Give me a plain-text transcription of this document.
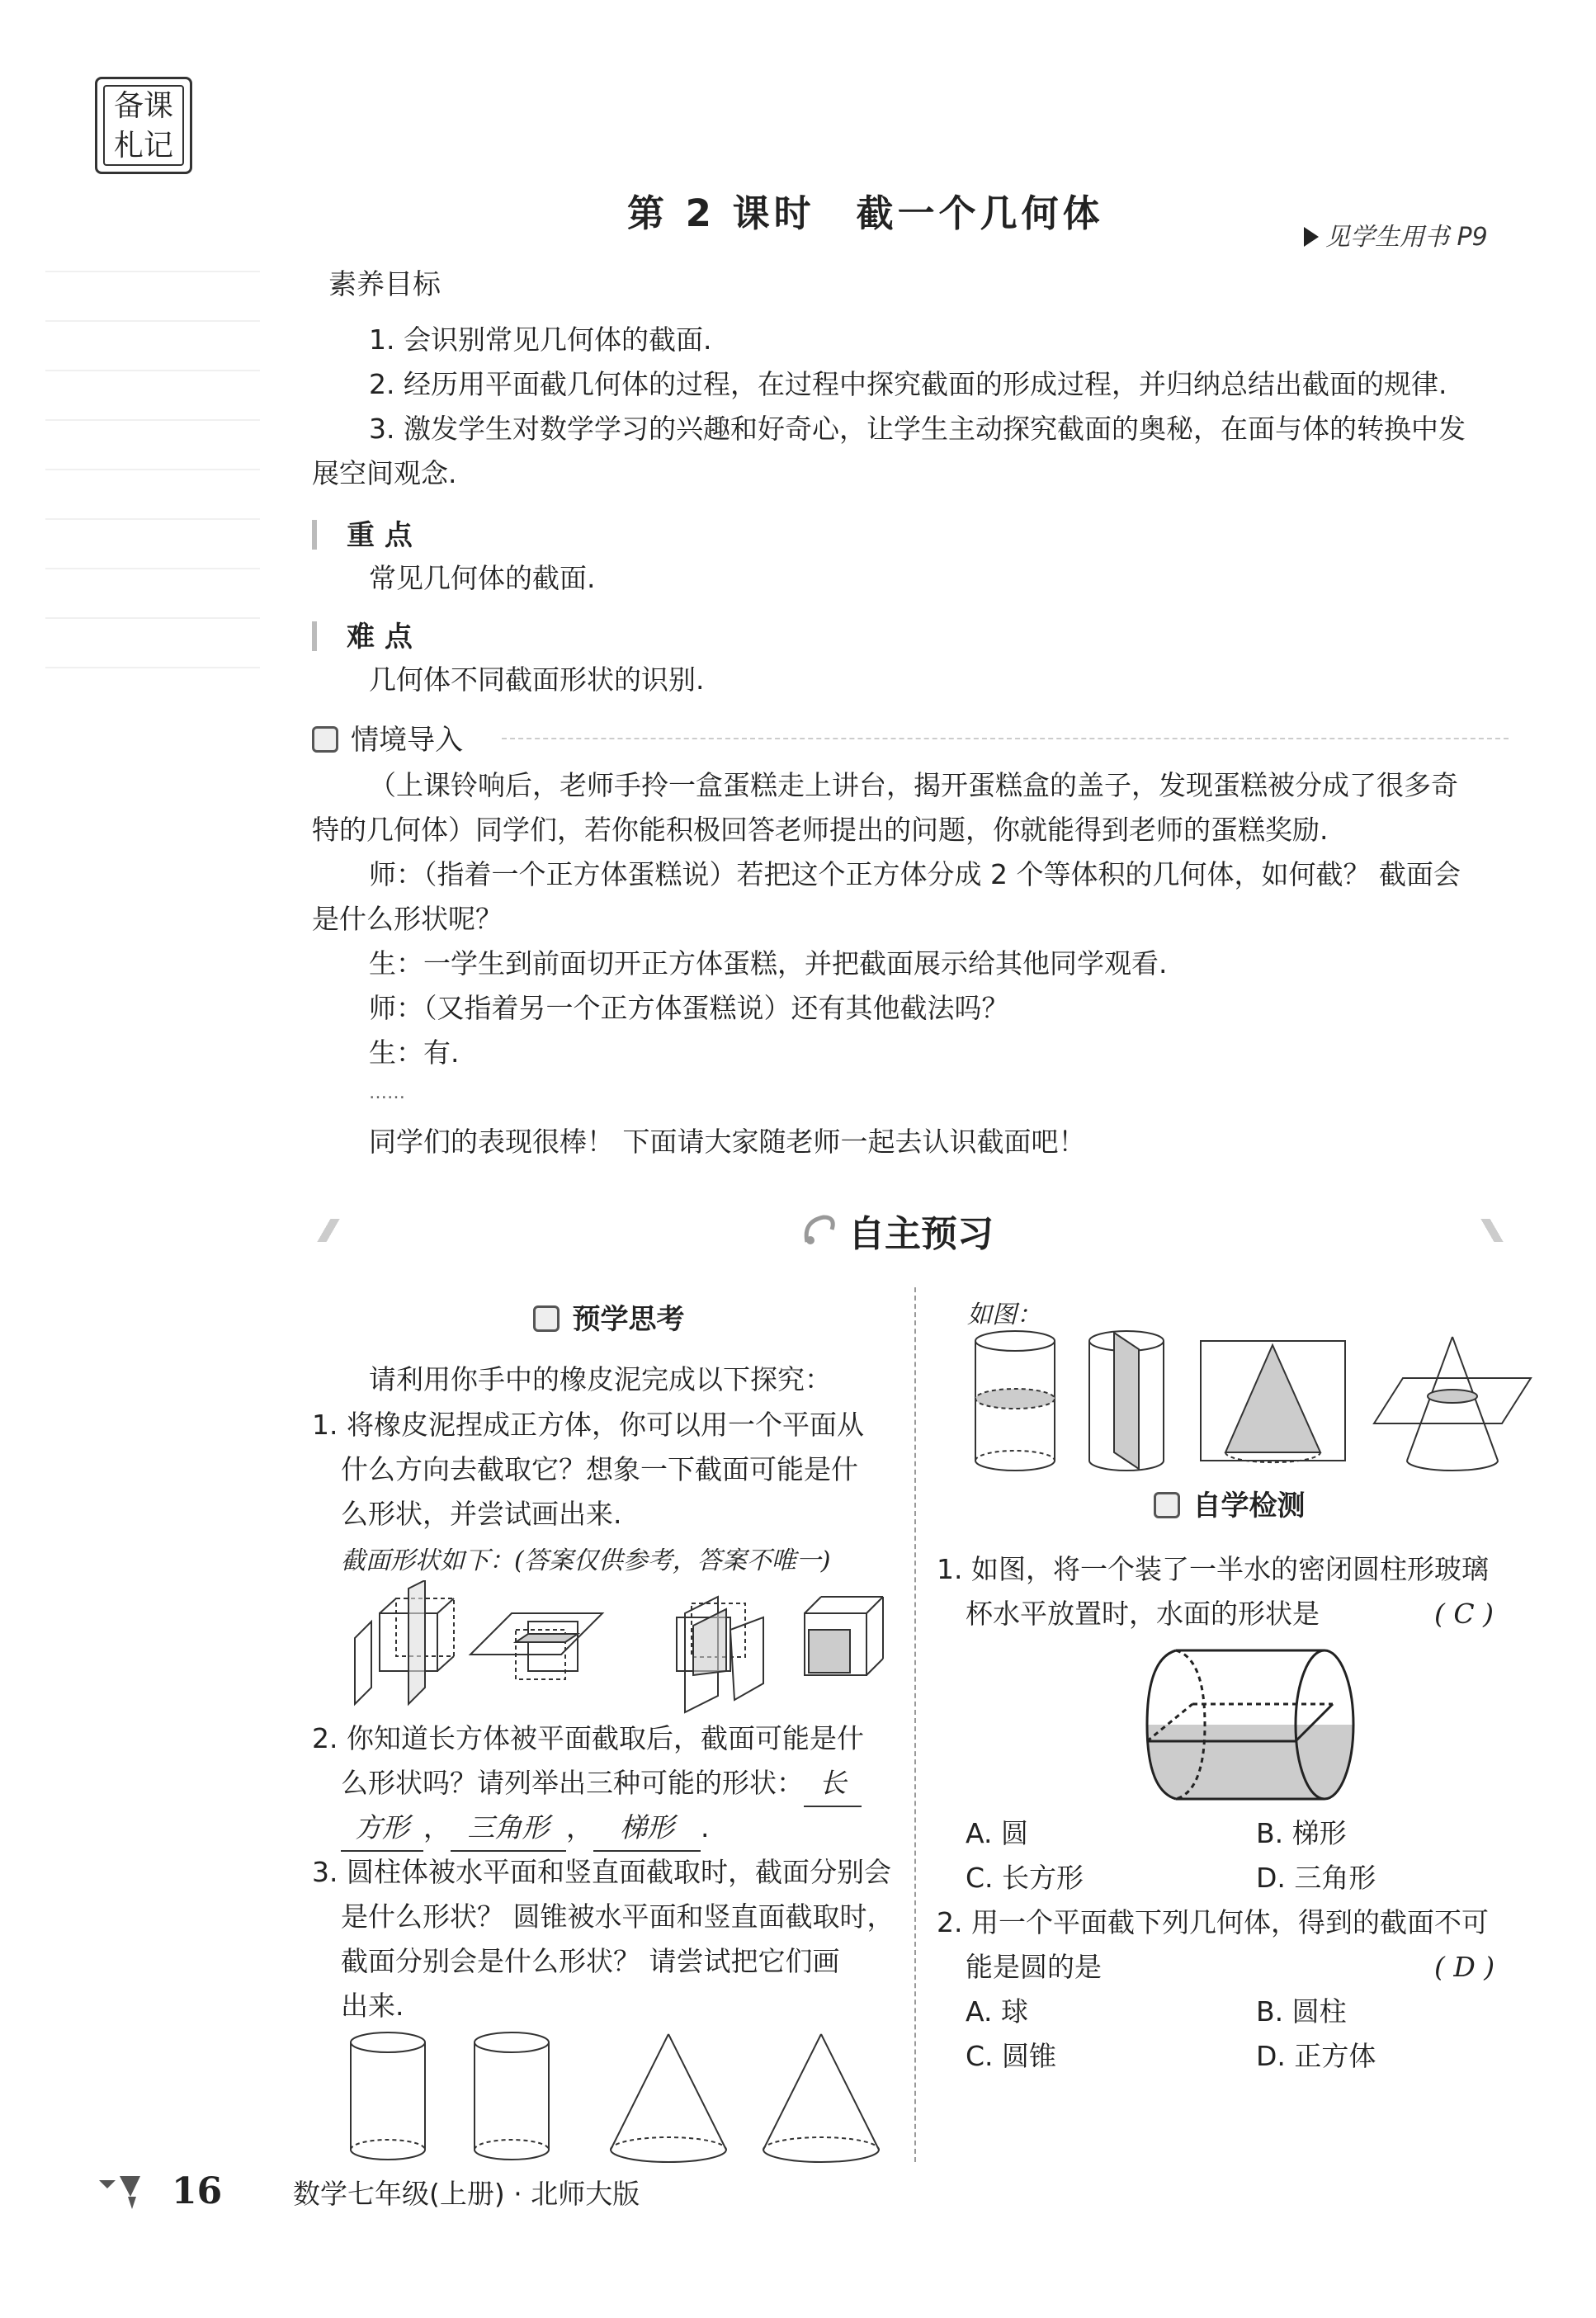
备课
札记
第 2 课时　截一个几何体
见学生用书 P9
素养目标
1. 会识别常见几何体的截面.
2. 经历用平面截几何体的过程，在过程中探究截面的形成过程，并归纳总结出截面的规律.
3. 激发学生对数学学习的兴趣和好奇心，让学生主动探究截面的奥秘，在面与体的转换中发
展空间观念.
重 点
常见几何体的截面.
难 点
几何体不同截面形状的识别.
情境导入
（上课铃响后，老师手拎一盒蛋糕走上讲台，揭开蛋糕盒的盖子，发现蛋糕被分成了很多奇
特的几何体）同学们，若你能积极回答老师提出的问题，你就能得到老师的蛋糕奖励.
师：（指着一个正方体蛋糕说）若把这个正方体分成 2 个等体积的几何体，如何截？ 截面会
是什么形状呢？
生：一学生到前面切开正方体蛋糕，并把截面展示给其他同学观看.
师：（又指着另一个正方体蛋糕说）还有其他截法吗？
生：有.
……
同学们的表现很棒！ 下面请大家随老师一起去认识截面吧！
自主预习
预学思考
请利用你手中的橡皮泥完成以下探究：
1. 将橡皮泥捏成正方体，你可以用一个平面从
什么方向去截取它？想象一下截面可能是什
么形状，并尝试画出来.
截面形状如下：(答案仅供参考，答案不唯一)
2. 你知道长方体被平面截取后，截面可能是什
么形状吗？请列举出三种可能的形状： 长
方形 ， 三角形 ， 梯形 .
3. 圆柱体被水平面和竖直面截取时，截面分别会
是什么形状？ 圆锥被水平面和竖直面截取时，
截面分别会是什么形状？ 请尝试把它们画
出来.
如图：
自学检测
1. 如图，将一个装了一半水的密闭圆柱形玻璃
杯水平放置时，水面的形状是	( C )
A. 圆	B. 梯形
C. 长方形	D. 三角形
2. 用一个平面截下列几何体，得到的截面不可
能是圆的是	( D )
A. 球	B. 圆柱
C. 圆锥	D. 正方体
16	数学七年级(上册) · 北师大版
